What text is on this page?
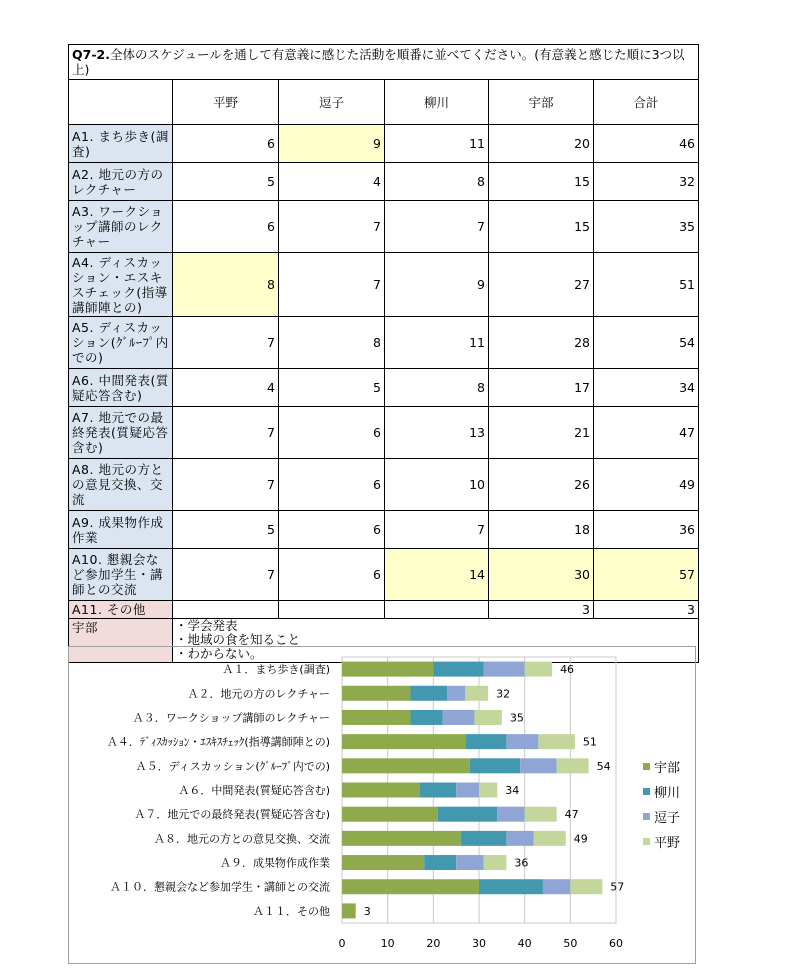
Q7-2.全体のスケジュールを通して有意義に感じた活動を順番に並べてください。(有意義と感じた順に3つ以上)					
	平野	逗子	柳川	宇部	合計
A1. まち歩き(調査)	6	9	11	20	46
A2. 地元の方のレクチャー	5	4	8	15	32
A3. ワークショップ講師のレクチャー	6	7	7	15	35
A4. ディスカッション・エスキスチェック(指導講師陣との)	8	7	9	27	51
A5. ディスカッション(ｸﾞﾙｰﾌﾟ内での)	7	8	11	28	54
A6. 中間発表(質疑応答含む)	4	5	8	17	34
A7. 地元での最終発表(質疑応答含む)	7	6	13	21	47
A8. 地元の方との意見交換、交流	7	6	10	26	49
A9. 成果物作成作業	5	6	7	18	36
A10. 懇親会など参加学生・講師との交流	7	6	14	30	57
A11. その他				3	3
宇部	・学会発表
・地域の食を知ること
・わからない。				
0	10	20	30	40	50	60
Ａ１．まち歩き(調査)	46
Ａ２．地元の方のレクチャー	32
Ａ３．ワークショップ講師のレクチャー	35
Ａ４．ﾃﾞｨｽｶｯｼｮﾝ・ｴｽｷｽﾁｪｯｸ(指導講師陣との)	51
Ａ５．ディスカッション(ｸﾞﾙｰﾌﾟ内での)	54
Ａ６．中間発表(質疑応答含む)	34
Ａ７．地元での最終発表(質疑応答含む)	47
Ａ８．地元の方との意見交換、交流	49
Ａ９．成果物作成作業	36
Ａ１０．懇親会など参加学生・講師との交流	57
Ａ１１．その他	3
宇部
柳川
逗子
平野
